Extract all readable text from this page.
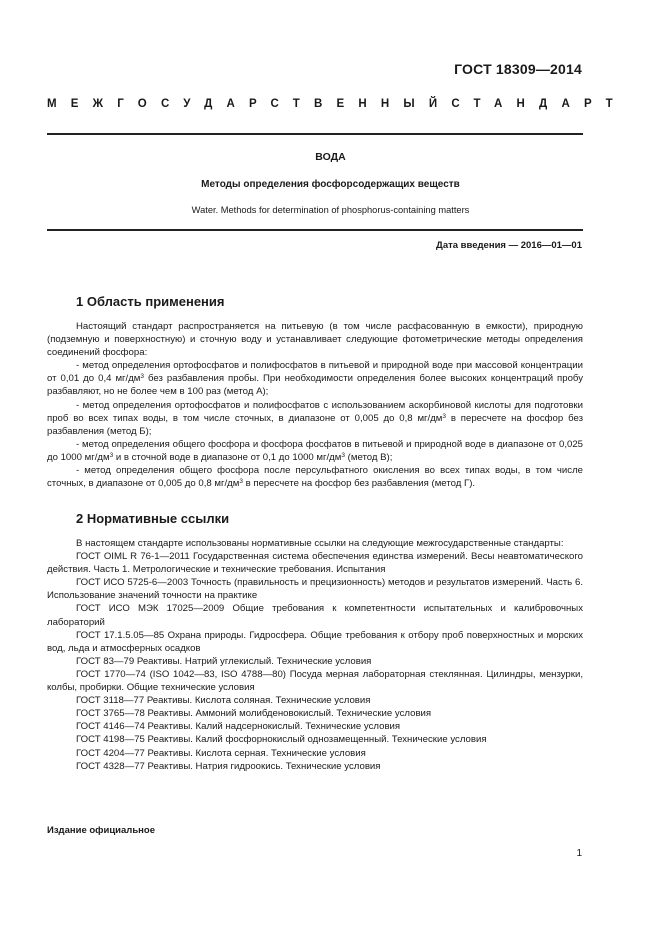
ГОСТ 18309—2014
МЕЖГОСУДАРСТВЕННЫЙ СТАНДАРТ
ВОДА
Методы определения фосфорсодержащих веществ
Water. Methods for determination of phosphorus-containing matters
Дата введения — 2016—01—01
1 Область применения

Настоящий стандарт распространяется на питьевую (в том числе расфасованную в емкости), природную (подземную и поверхностную) и сточную воду и устанавливает следующие фотометрические методы определения соединений фосфора:

- метод определения ортофосфатов и полифосфатов в питьевой и природной воде при массовой концентрации от 0,01 до 0,4 $мг/дм^3$ без разбавления пробы. При необходимости определения более высоких концентраций пробу разбавляют, но не более чем в 100 раз (метод А);

- метод определения ортофосфатов и полифосфатов с использованием аскорбиновой кислоты для подготовки проб во всех типах воды, в том числе сточных, в диапазоне от 0,005 до 0,8 $мг/дм^3$ в пересчете на фосфор без разбавления (метод Б);

- метод определения общего фосфора и фосфора фосфатов в питьевой и природной воде в диапазоне от 0,025 до 1000 $мг/дм^3$ и в сточной воде в диапазоне от 0,1 до 1000 $мг/дм^3$ (метод В);

- метод определения общего фосфора после персульфатного окисления во всех типах воды, в том числе сточных, в диапазоне от 0,005 до 0,8 $мг/дм^3$ в пересчете на фосфор без разбавления (метод Г).

2 Нормативные ссылки

В настоящем стандарте использованы нормативные ссылки на следующие межгосударственные стандарты:

ГОСТ OIML R 76-1—2011 Государственная система обеспечения единства измерений. Весы неавтоматического действия. Часть 1. Метрологические и технические требования. Испытания

ГОСТ ИСО 5725-6—2003 Точность (правильность и прецизионность) методов и результатов измерений. Часть 6. Использование значений точности на практике

ГОСТ ИСО МЭК 17025—2009 Общие требования к компетентности испытательных и калибровочных лабораторий

ГОСТ 17.1.5.05—85 Охрана природы. Гидросфера. Общие требования к отбору проб поверхностных и морских вод, льда и атмосферных осадков

ГОСТ 83—79 Реактивы. Натрий углекислый. Технические условия

ГОСТ 1770—74 (ISO 1042—83, ISO 4788—80) Посуда мерная лабораторная стеклянная. Цилиндры, мензурки, колбы, пробирки. Общие технические условия

ГОСТ 3118—77 Реактивы. Кислота соляная. Технические условия

ГОСТ 3765—78 Реактивы. Аммоний молибденовокислый. Технические условия

ГОСТ 4146—74 Реактивы. Калий надсернокислый. Технические условия

ГОСТ 4198—75 Реактивы. Калий фосфорнокислый однозамещенный. Технические условия

ГОСТ 4204—77 Реактивы. Кислота серная. Технические условия

ГОСТ 4328—77 Реактивы. Натрия гидроокись. Технические условия

Издание официальное
1
